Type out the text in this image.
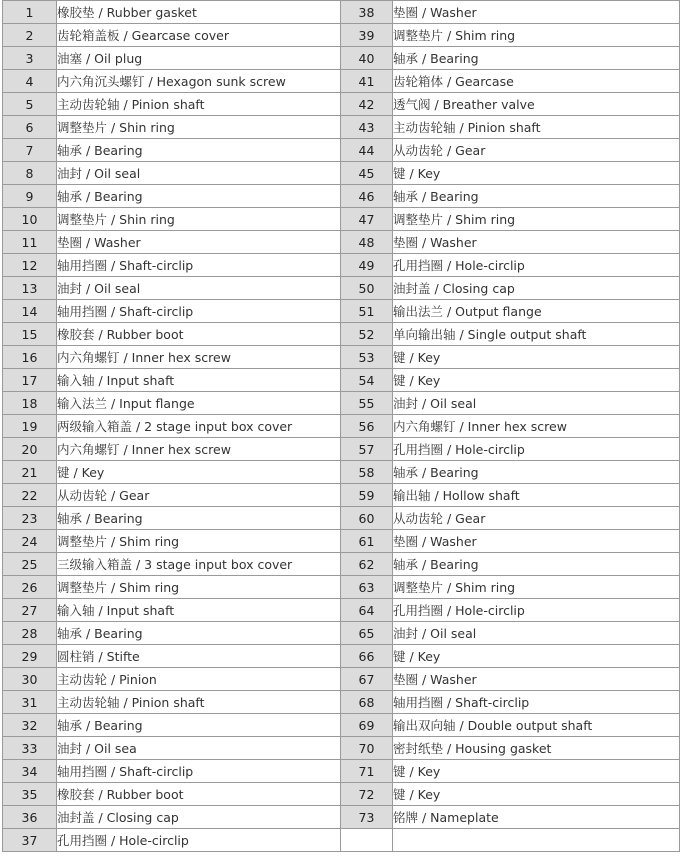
1	橡胶垫 / Rubber gasket	38	垫圈 / Washer
2	齿轮箱盖板 / Gearcase cover	39	调整垫片 / Shim ring
3	油塞 / Oil plug	40	轴承 / Bearing
4	内六角沉头螺钉 / Hexagon sunk screw	41	齿轮箱体 / Gearcase
5	主动齿轮轴 / Pinion shaft	42	透气阀 / Breather valve
6	调整垫片 / Shin ring	43	主动齿轮轴 / Pinion shaft
7	轴承 / Bearing	44	从动齿轮 / Gear
8	油封 / Oil seal	45	键 / Key
9	轴承 / Bearing	46	轴承 / Bearing
10	调整垫片 / Shin ring	47	调整垫片 / Shim ring
11	垫圈 / Washer	48	垫圈 / Washer
12	轴用挡圈 / Shaft-circlip	49	孔用挡圈 / Hole-circlip
13	油封 / Oil seal	50	油封盖 / Closing cap
14	轴用挡圈 / Shaft-circlip	51	输出法兰 / Output flange
15	橡胶套 / Rubber boot	52	单向输出轴 / Single output shaft
16	内六角螺钉 / Inner hex screw	53	键 / Key
17	输入轴 / Input shaft	54	键 / Key
18	输入法兰 / Input flange	55	油封 / Oil seal
19	两级输入箱盖 / 2 stage input box cover	56	内六角螺钉 / Inner hex screw
20	内六角螺钉 / Inner hex screw	57	孔用挡圈 / Hole-circlip
21	键 / Key	58	轴承 / Bearing
22	从动齿轮 / Gear	59	输出轴 / Hollow shaft
23	轴承 / Bearing	60	从动齿轮 / Gear
24	调整垫片 / Shim ring	61	垫圈 / Washer
25	三级输入箱盖 / 3 stage input box cover	62	轴承 / Bearing
26	调整垫片 / Shim ring	63	调整垫片 / Shim ring
27	输入轴 / Input shaft	64	孔用挡圈 / Hole-circlip
28	轴承 / Bearing	65	油封 / Oil seal
29	圆柱销 / Stifte	66	键 / Key
30	主动齿轮 / Pinion	67	垫圈 / Washer
31	主动齿轮轴 / Pinion shaft	68	轴用挡圈 / Shaft-circlip
32	轴承 / Bearing	69	输出双向轴 / Double output shaft
33	油封 / Oil sea	70	密封纸垫 / Housing gasket
34	轴用挡圈 / Shaft-circlip	71	键 / Key
35	橡胶套 / Rubber boot	72	键 / Key
36	油封盖 / Closing cap	73	铭牌 / Nameplate
37	孔用挡圈 / Hole-circlip		
